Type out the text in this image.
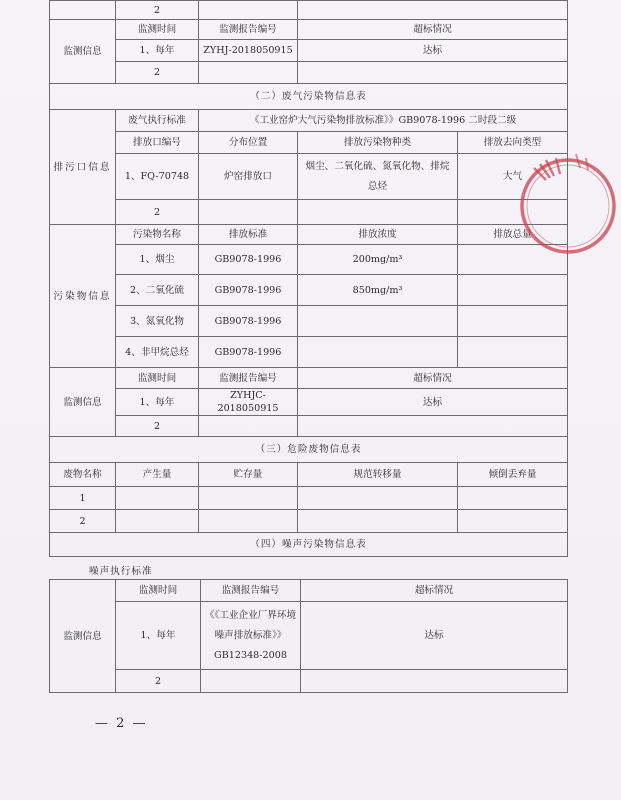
	2			
监测信息	监测时间	监测报告编号	超标情况	
	1、每年	ZYHJ-2018050915	达标	
	2			
（二）废气污染物信息表				
排污口信息	废气执行标准	《工业窑炉大气污染物排放标准》》GB9078-1996 二时段二级		
	排放口编号	分布位置	排放污染物种类	排放去向类型
	1、FQ-70748	炉窑排放口	烟尘、二氧化硫、氮氧化物、排烷总烃	大气
	2			
污染物信息	污染物名称	排放标准	排放浓度	排放总量
	1、烟尘	GB9078-1996	200mg/m³	
	2、二氧化硫	GB9078-1996	850mg/m³	
	3、氮氧化物	GB9078-1996		
	4、非甲烷总烃	GB9078-1996		
监测信息	监测时间	监测报告编号	超标情况	
	1、每年	ZYHJC-2018050915	达标	
	2			
（三）危险废物信息表				
废物名称	产生量	贮存量	规范转移量	倾倒丢弃量
1				
2				
（四）噪声污染物信息表				
噪声执行标准
监测信息	监测时间	监测报告编号	超标情况
	1、每年	《《工业企业厂界环境噪声排放标准》》GB12348-2008	达标
	2		
— 2 —
